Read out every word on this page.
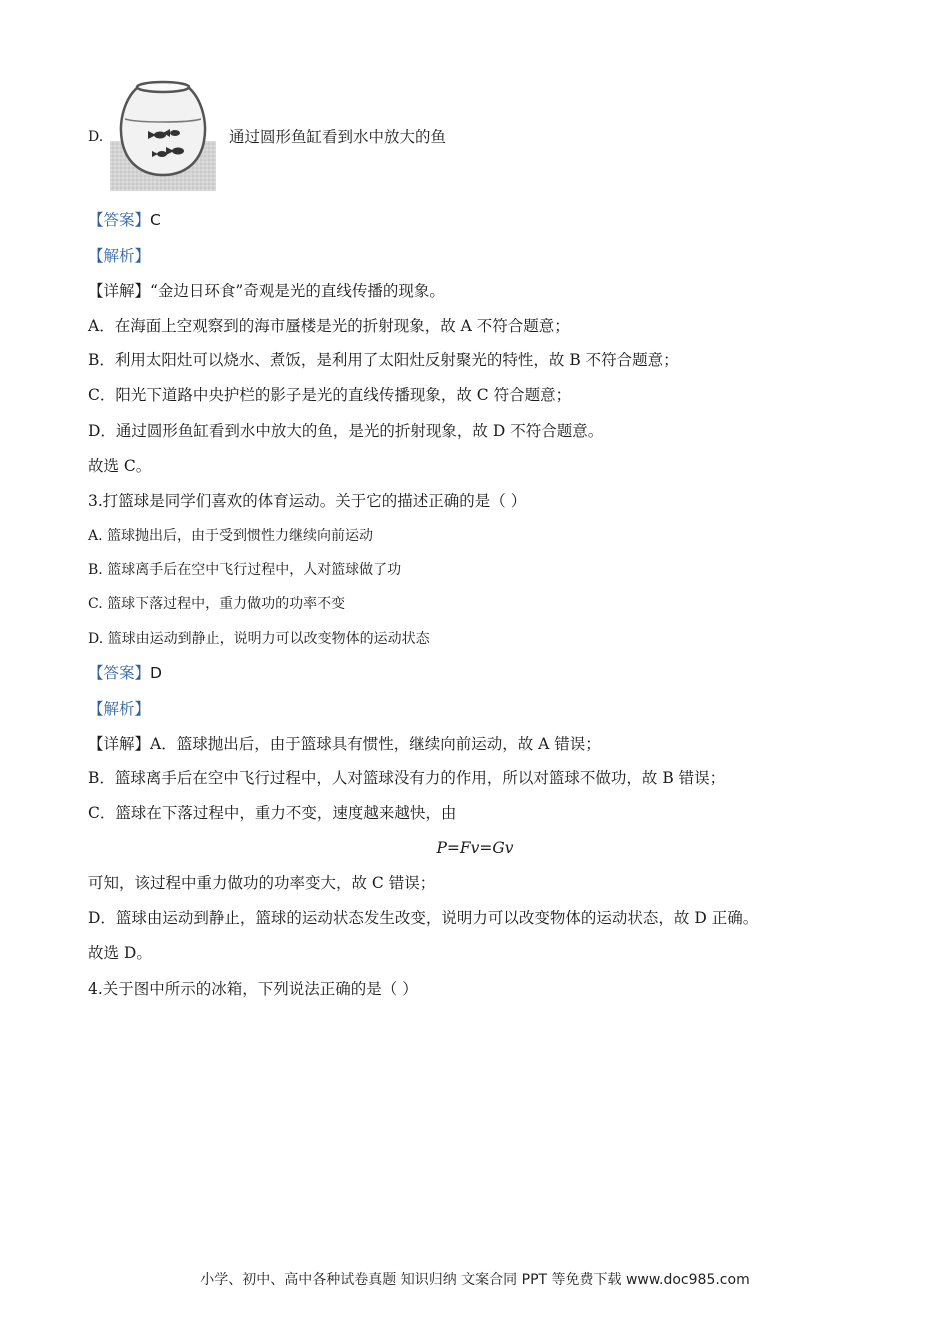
D.	通过圆形鱼缸看到水中放大的鱼
【答案】C
【解析】
【详解】“金边日环食”奇观是光的直线传播的现象。
A．在海面上空观察到的海市蜃楼是光的折射现象，故 A 不符合题意；
B．利用太阳灶可以烧水、煮饭，是利用了太阳灶反射聚光的特性，故 B 不符合题意；
C．阳光下道路中央护栏的影子是光的直线传播现象，故 C 符合题意；
D．通过圆形鱼缸看到水中放大的鱼，是光的折射现象，故 D 不符合题意。
故选 C。
3.打篮球是同学们喜欢的体育运动。关于它的描述正确的是（ ）
A. 篮球抛出后，由于受到惯性力继续向前运动
B. 篮球离手后在空中飞行过程中，人对篮球做了功
C. 篮球下落过程中，重力做功的功率不变
D. 篮球由运动到静止，说明力可以改变物体的运动状态
【答案】D
【解析】
【详解】A．篮球抛出后，由于篮球具有惯性，继续向前运动，故 A 错误；
B．篮球离手后在空中飞行过程中，人对篮球没有力的作用，所以对篮球不做功，故 B 错误；
C．篮球在下落过程中，重力不变，速度越来越快，由
P=Fv=Gv
可知，该过程中重力做功的功率变大，故 C 错误；
D．篮球由运动到静止，篮球的运动状态发生改变，说明力可以改变物体的运动状态，故 D 正确。
故选 D。
4.关于图中所示的冰箱，下列说法正确的是（ ）
小学、初中、高中各种试卷真题 知识归纳 文案合同 PPT 等免费下载 www.doc985.com
